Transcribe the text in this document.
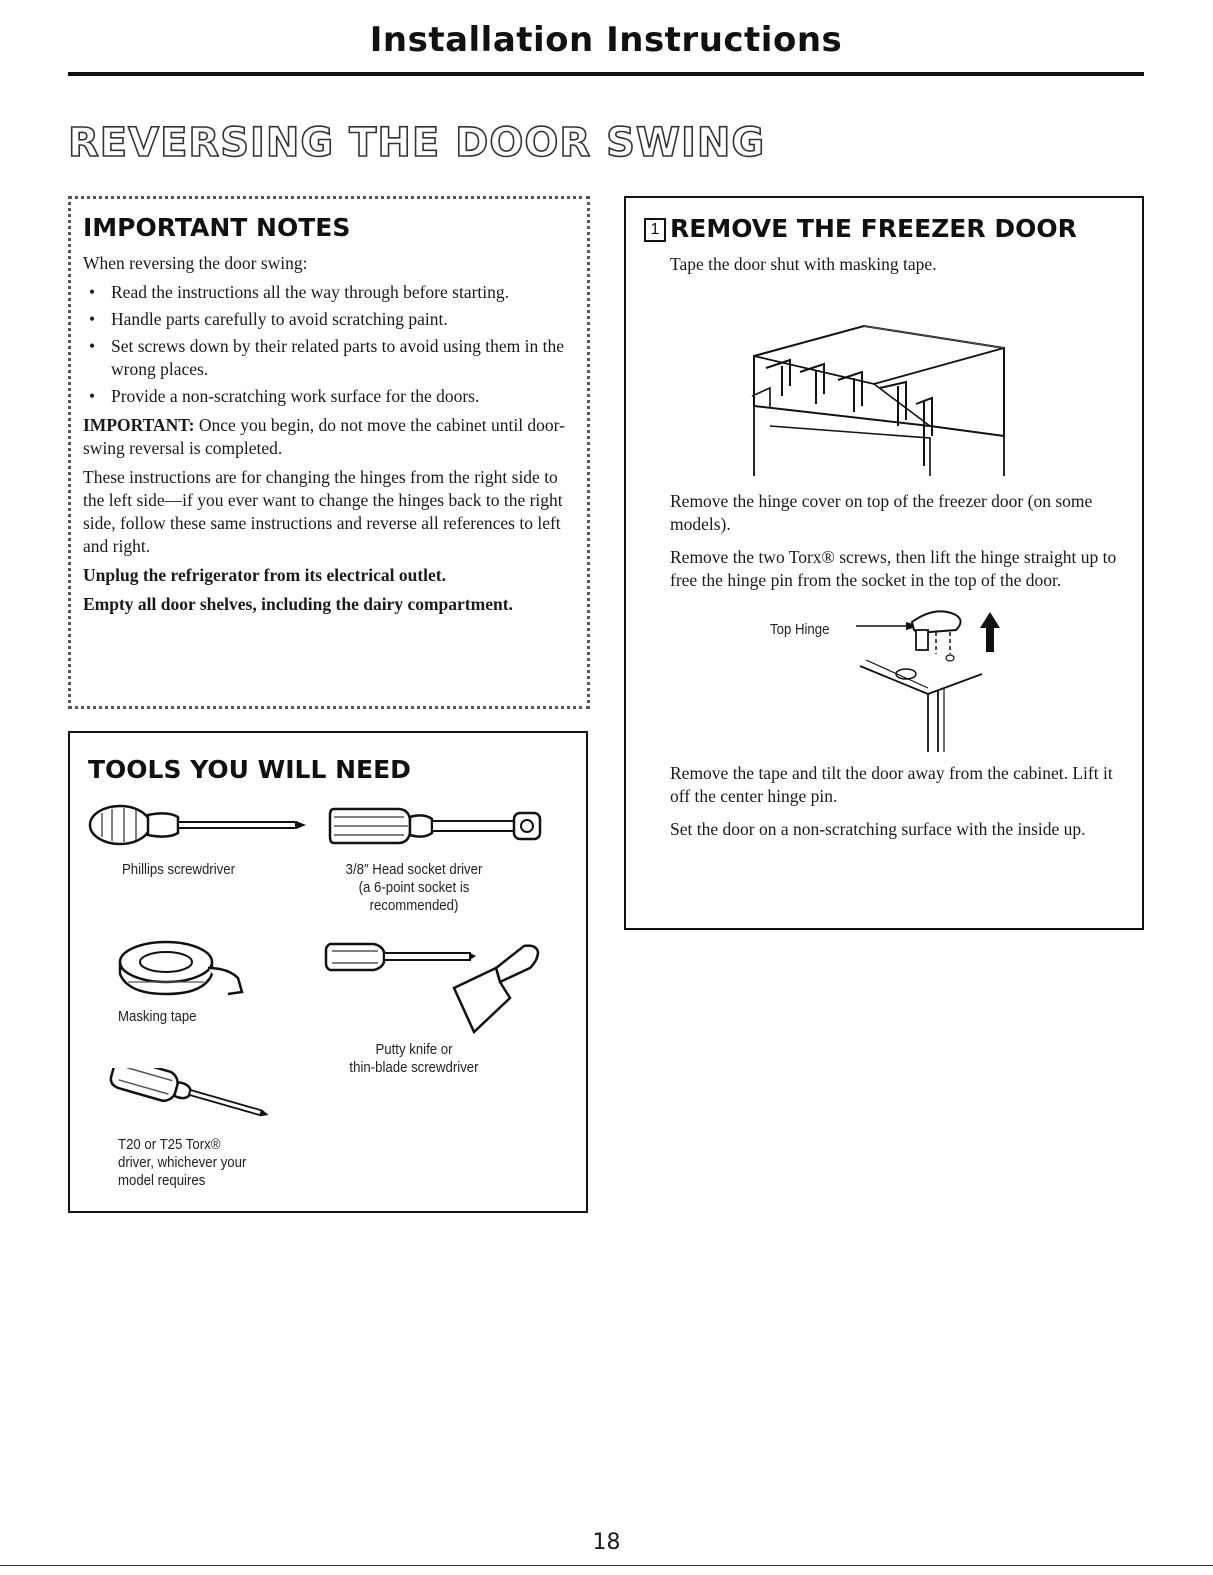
Installation Instructions
REVERSING THE DOOR SWING
IMPORTANT NOTES

When reversing the door swing:

• Read the instructions all the way through before starting.
• Handle parts carefully to avoid scratching paint.
• Set screws down by their related parts to avoid using them in the wrong places.
• Provide a non-scratching work surface for the doors.

IMPORTANT: Once you begin, do not move the cabinet until door-swing reversal is completed.

These instructions are for changing the hinges from the right side to the left side—if you ever want to change the hinges back to the right side, follow these same instructions and reverse all references to left and right.

Unplug the refrigerator from its electrical outlet.

Empty all door shelves, including the dairy compartment.

TOOLS YOU WILL NEED
Phillips screwdriver	3/8″ Head socket driver
(a 6-point socket is
recommended)
Masking tape
Putty knife or
thin-blade screwdriver
T20 or T25 Torx®
driver, whichever your
model requires
1 REMOVE THE FREEZER DOOR

Tape the door shut with masking tape.

Remove the hinge cover on top of the freezer door (on some models).

Remove the two Torx® screws, then lift the hinge straight up to free the hinge pin from the socket in the top of the door.

Top Hinge

Remove the tape and tilt the door away from the cabinet. Lift it off the center hinge pin.

Set the door on a non-scratching surface with the inside up.

18
